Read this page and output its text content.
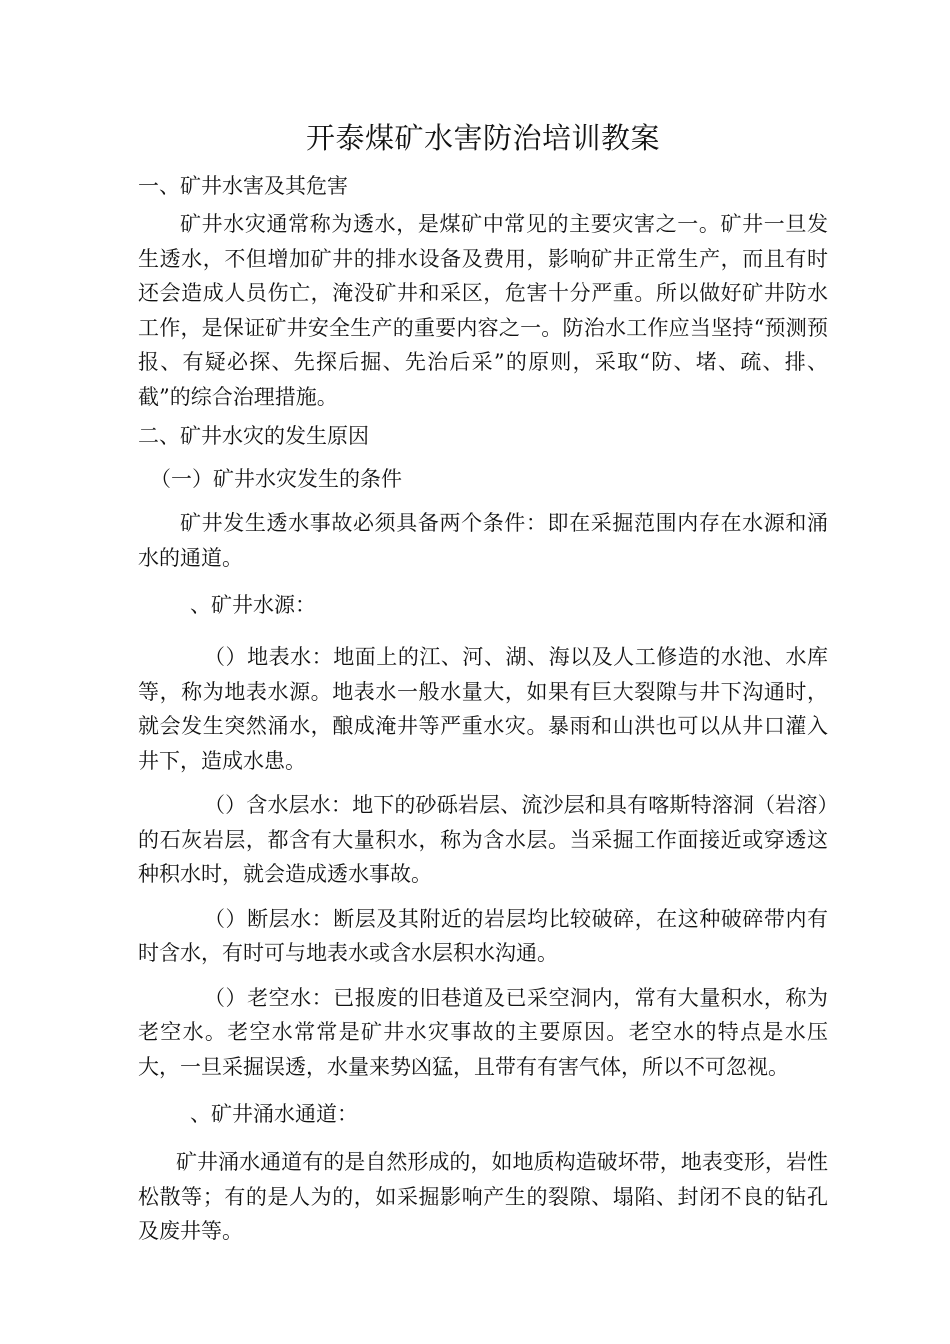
开泰煤矿水害防治培训教案
一、矿井水害及其危害
矿井水灾通常称为透水，是煤矿中常见的主要灾害之一。矿井一旦发生透水，不但增加矿井的排水设备及费用，影响矿井正常生产，而且有时还会造成人员伤亡，淹没矿井和采区，危害十分严重。所以做好矿井防水工作，是保证矿井安全生产的重要内容之一。防治水工作应当坚持“预测预报、有疑必探、先探后掘、先治后采”的原则，采取“防、堵、疏、排、截”的综合治理措施。
二、矿井水灾的发生原因
（一）矿井水灾发生的条件
矿井发生透水事故必须具备两个条件：即在采掘范围内存在水源和涌水的通道。
、矿井水源：
（）地表水：地面上的江、河、湖、海以及人工修造的水池、水库等，称为地表水源。地表水一般水量大，如果有巨大裂隙与井下沟通时，就会发生突然涌水，酿成淹井等严重水灾。暴雨和山洪也可以从井口灌入井下，造成水患。
（）含水层水：地下的砂砾岩层、流沙层和具有喀斯特溶洞（岩溶）的石灰岩层，都含有大量积水，称为含水层。当采掘工作面接近或穿透这种积水时，就会造成透水事故。
（）断层水：断层及其附近的岩层均比较破碎，在这种破碎带内有时含水，有时可与地表水或含水层积水沟通。
（）老空水：已报废的旧巷道及已采空洞内，常有大量积水，称为老空水。老空水常常是矿井水灾事故的主要原因。老空水的特点是水压大，一旦采掘误透，水量来势凶猛，且带有有害气体，所以不可忽视。
、矿井涌水通道：
矿井涌水通道有的是自然形成的，如地质构造破坏带，地表变形，岩性松散等；有的是人为的，如采掘影响产生的裂隙、塌陷、封闭不良的钻孔及废井等。
